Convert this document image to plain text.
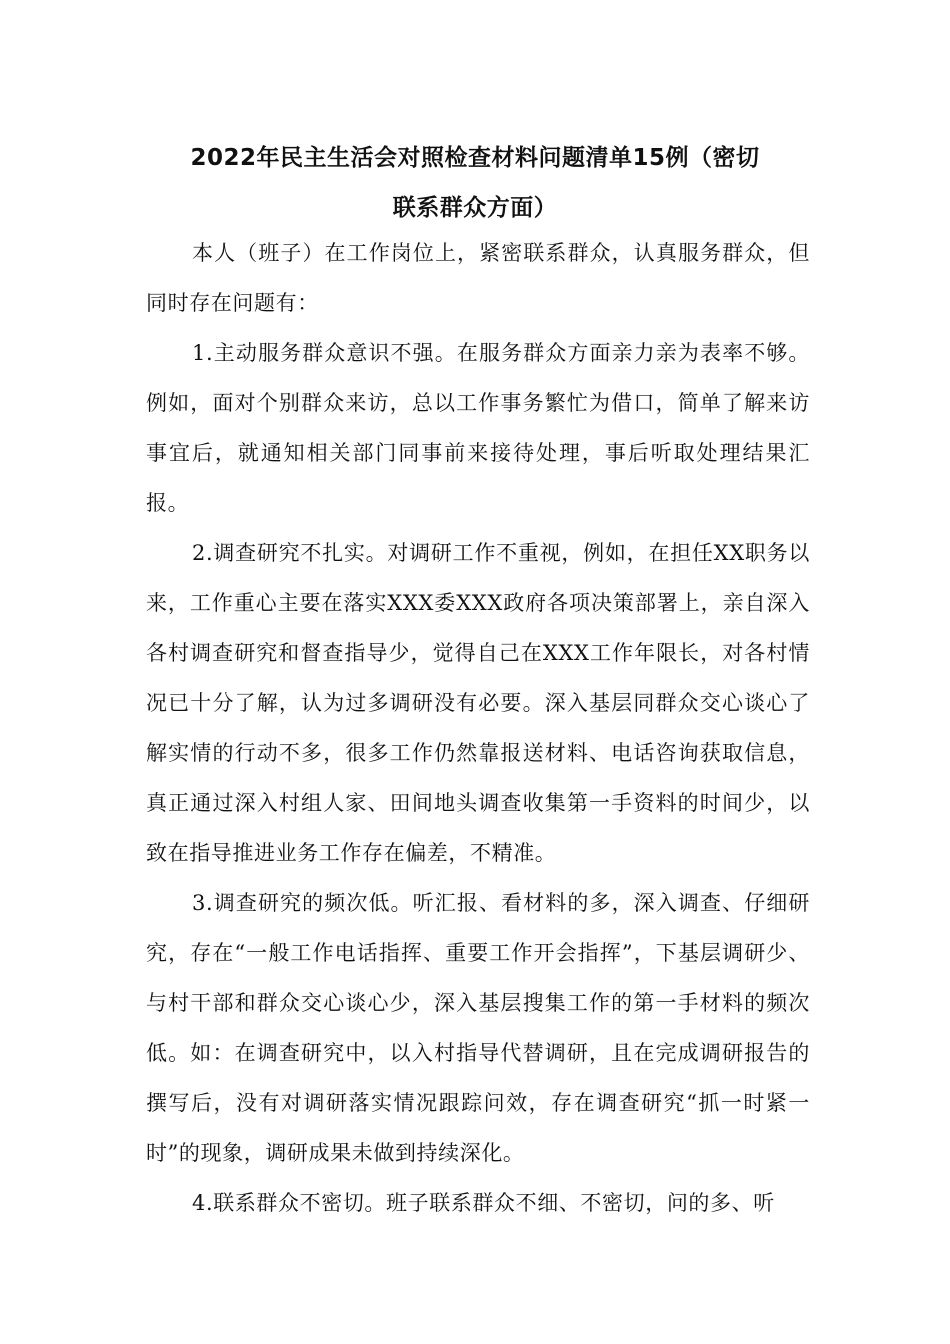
2022年民主生活会对照检查材料问题清单15例（密切
联系群众方面）

本人（班子）在工作岗位上，紧密联系群众，认真服务群众，但同时存在问题有：

1.主动服务群众意识不强。在服务群众方面亲力亲为表率不够。例如，面对个别群众来访，总以工作事务繁忙为借口，简单了解来访事宜后，就通知相关部门同事前来接待处理，事后听取处理结果汇报。

2.调查研究不扎实。对调研工作不重视，例如，在担任XX职务以来，工作重心主要在落实XXX委XXX政府各项决策部署上，亲自深入各村调查研究和督查指导少，觉得自己在XXX工作年限长，对各村情况已十分了解，认为过多调研没有必要。深入基层同群众交心谈心了解实情的行动不多，很多工作仍然靠报送材料、电话咨询获取信息，真正通过深入村组人家、田间地头调查收集第一手资料的时间少，以致在指导推进业务工作存在偏差，不精准。

3.调查研究的频次低。听汇报、看材料的多，深入调查、仔细研究，存在“一般工作电话指挥、重要工作开会指挥”，下基层调研少、与村干部和群众交心谈心少，深入基层搜集工作的第一手材料的频次低。如：在调查研究中，以入村指导代替调研，且在完成调研报告的撰写后，没有对调研落实情况跟踪问效，存在调查研究“抓一时紧一时”的现象，调研成果未做到持续深化。

4.联系群众不密切。班子联系群众不细、不密切，问的多、听
